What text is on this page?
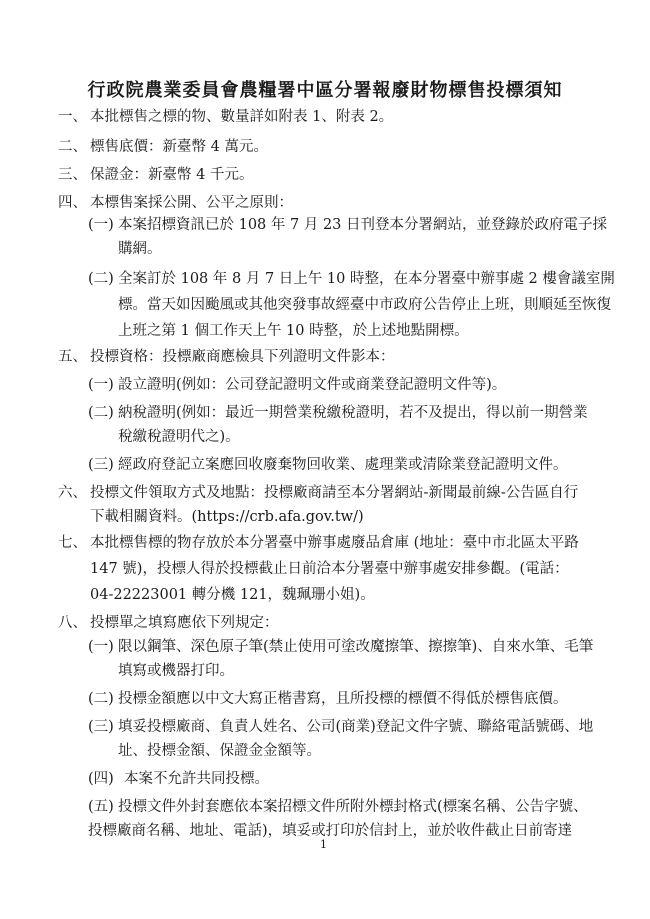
行政院農業委員會農糧署中區分署報廢財物標售投標須知
一、 本批標售之標的物、數量詳如附表 1、附表 2。
二、 標售底價：新臺幣 4 萬元。
三、 保證金：新臺幣 4 千元。
四、 本標售案採公開、公平之原則：
(一) 本案招標資訊已於 108 年 7 月 23 日刊登本分署網站，並登錄於政府電子採
購網。
(二) 全案訂於 108 年 8 月 7 日上午 10 時整，在本分署臺中辦事處 2 樓會議室開
標。當天如因颱風或其他突發事故經臺中市政府公告停止上班，則順延至恢復
上班之第 1 個工作天上午 10 時整，於上述地點開標。
五、 投標資格：投標廠商應檢具下列證明文件影本：
(一) 設立證明(例如：公司登記證明文件或商業登記證明文件等)。
(二) 納稅證明(例如：最近一期營業稅繳稅證明，若不及提出，得以前一期營業
稅繳稅證明代之)。
(三) 經政府登記立案應回收廢棄物回收業、處理業或清除業登記證明文件。
六、 投標文件領取方式及地點：投標廠商請至本分署網站-新聞最前線-公告區自行
下載相關資料。(https://crb.afa.gov.tw/)
七、 本批標售標的物存放於本分署臺中辦事處廢品倉庫 (地址：臺中市北區太平路
147 號)，投標人得於投標截止日前洽本分署臺中辦事處安排參觀。(電話：
04-22223001 轉分機 121，魏珮珊小姐)。
八、 投標單之填寫應依下列規定：
(一) 限以鋼筆、深色原子筆(禁止使用可塗改魔擦筆、擦擦筆)、自來水筆、毛筆
填寫或機器打印。
(二) 投標金額應以中文大寫正楷書寫，且所投標的標價不得低於標售底價。
(三) 填妥投標廠商、負責人姓名、公司(商業)登記文件字號、聯絡電話號碼、地
址、投標金額、保證金金額等。
(四) 本案不允許共同投標。
(五) 投標文件外封套應依本案招標文件所附外標封格式(標案名稱、公告字號、
投標廠商名稱、地址、電話)，填妥或打印於信封上，並於收件截止日前寄達
1
